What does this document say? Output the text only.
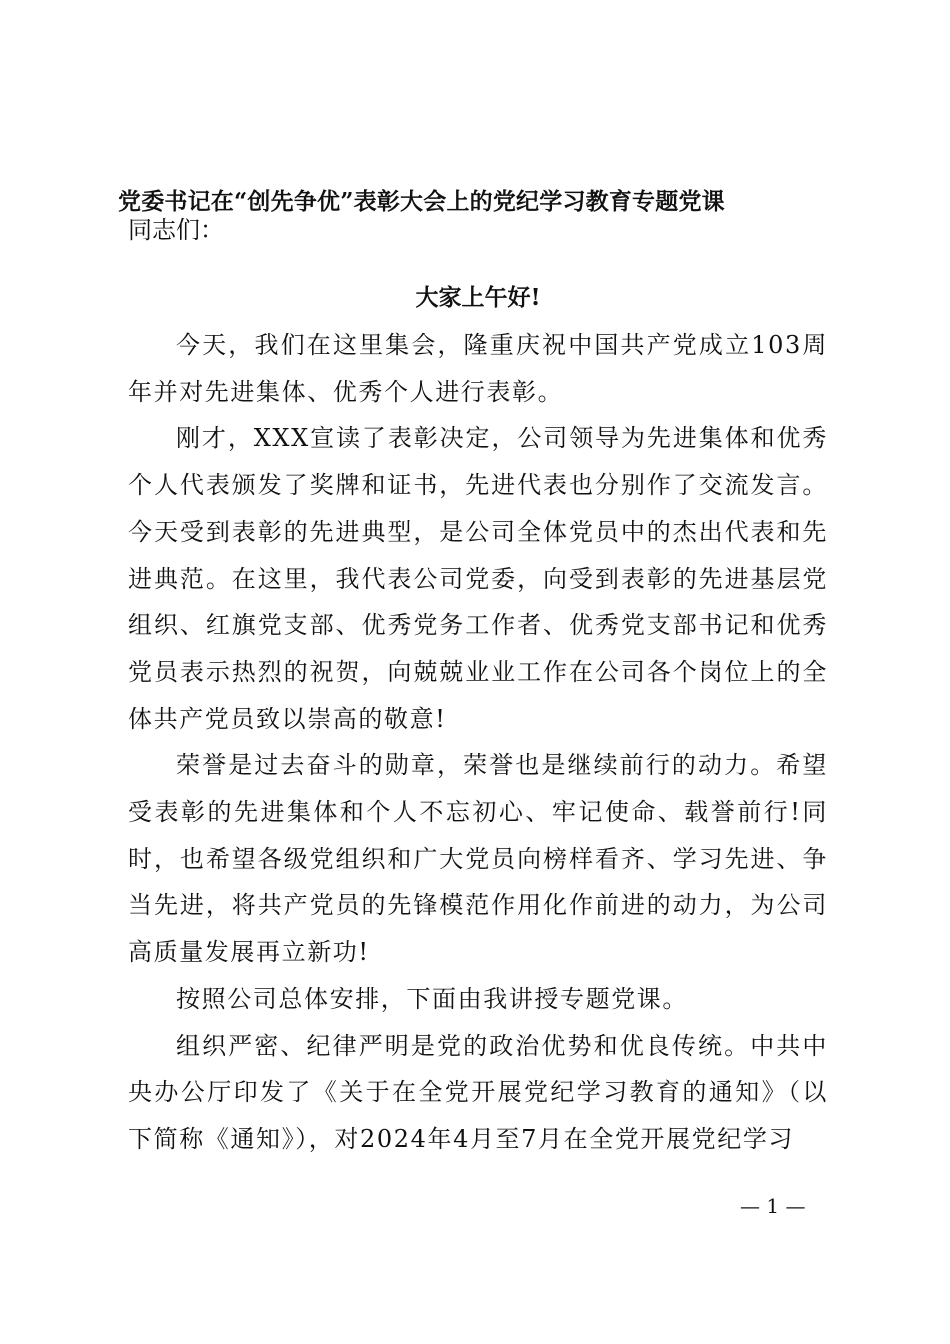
党委书记在“创先争优”表彰大会上的党纪学习教育专题党课
同志们：
大家上午好!

今天，我们在这里集会，隆重庆祝中国共产党成立103周年并对先进集体、优秀个人进行表彰。

刚才，XXX宣读了表彰决定，公司领导为先进集体和优秀个人代表颁发了奖牌和证书，先进代表也分别作了交流发言。今天受到表彰的先进典型，是公司全体党员中的杰出代表和先进典范。在这里，我代表公司党委，向受到表彰的先进基层党组织、红旗党支部、优秀党务工作者、优秀党支部书记和优秀党员表示热烈的祝贺，向兢兢业业工作在公司各个岗位上的全体共产党员致以崇高的敬意!

荣誉是过去奋斗的勋章，荣誉也是继续前行的动力。希望受表彰的先进集体和个人不忘初心、牢记使命、载誉前行!同时，也希望各级党组织和广大党员向榜样看齐、学习先进、争当先进，将共产党员的先锋模范作用化作前进的动力，为公司高质量发展再立新功!

按照公司总体安排，下面由我讲授专题党课。

组织严密、纪律严明是党的政治优势和优良传统。中共中央办公厅印发了《关于在全党开展党纪学习教育的通知》（以下简称《通知》），对2024年4月至7月在全党开展党纪学习

— 1 —
